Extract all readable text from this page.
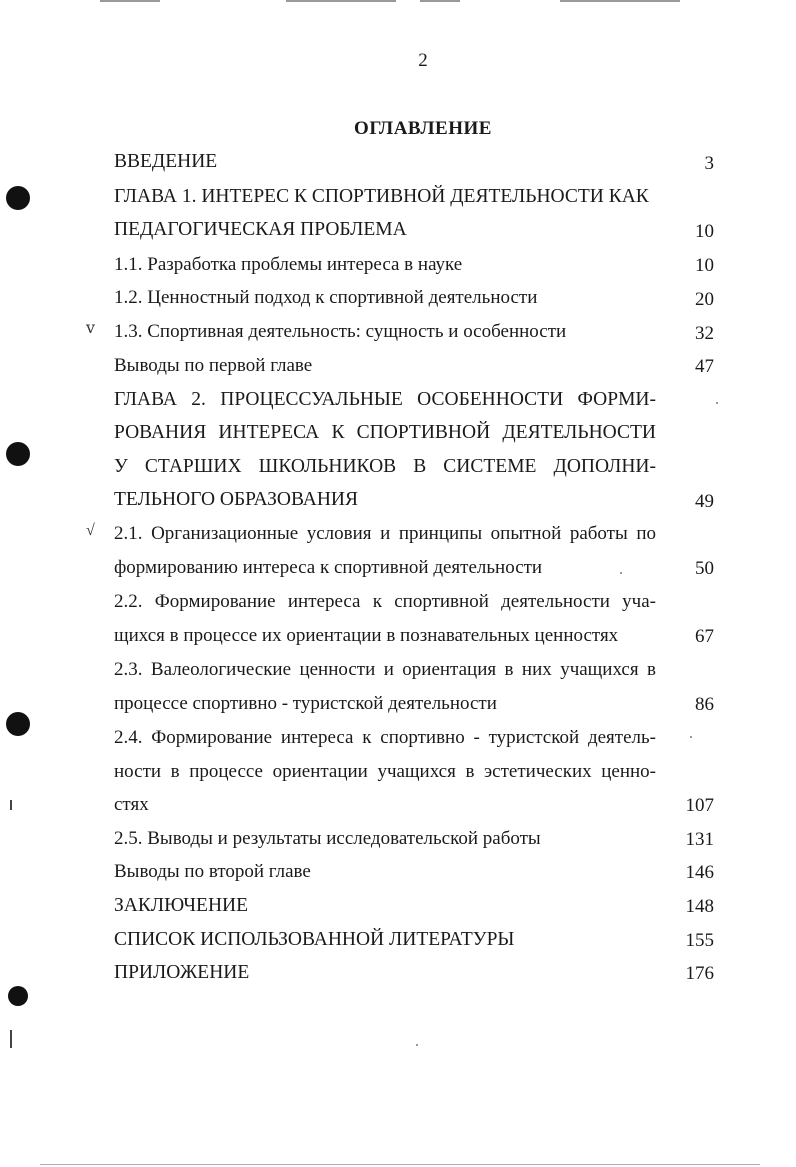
ⅴ
√
2
ОГЛАВЛЕНИЕ
ВВЕДЕНИЕ	3
ГЛАВА 1. ИНТЕРЕС К СПОРТИВНОЙ ДЕЯТЕЛЬНОСТИ КАК
ПЕДАГОГИЧЕСКАЯ ПРОБЛЕМА	10
1.1. Разработка проблемы интереса в науке	10
1.2. Ценностный подход к спортивной деятельности	20
1.3. Спортивная деятельность: сущность и особенности	32
Выводы по первой главе	47
ГЛАВА 2. ПРОЦЕССУАЛЬНЫЕ ОСОБЕННОСТИ ФОРМИ-
РОВАНИЯ ИНТЕРЕСА К СПОРТИВНОЙ ДЕЯТЕЛЬНОСТИ
У СТАРШИХ ШКОЛЬНИКОВ В СИСТЕМЕ ДОПОЛНИ-
ТЕЛЬНОГО ОБРАЗОВАНИЯ	49
2.1. Организационные условия и принципы опытной работы по
формированию интереса к спортивной деятельности	50
2.2. Формирование интереса к спортивной деятельности уча-
щихся в процессе их ориентации в познавательных ценностях	67
2.3. Валеологические ценности и ориентация в них учащихся в
процессе спортивно - туристской деятельности	86
2.4. Формирование интереса к спортивно - туристской деятель-
ности в процессе ориентации учащихся в эстетических ценно-
стях	107
2.5. Выводы и результаты исследовательской работы	131
Выводы по второй главе	146
ЗАКЛЮЧЕНИЕ	148
СПИСОК ИСПОЛЬЗОВАННОЙ ЛИТЕРАТУРЫ	155
ПРИЛОЖЕНИЕ	176
